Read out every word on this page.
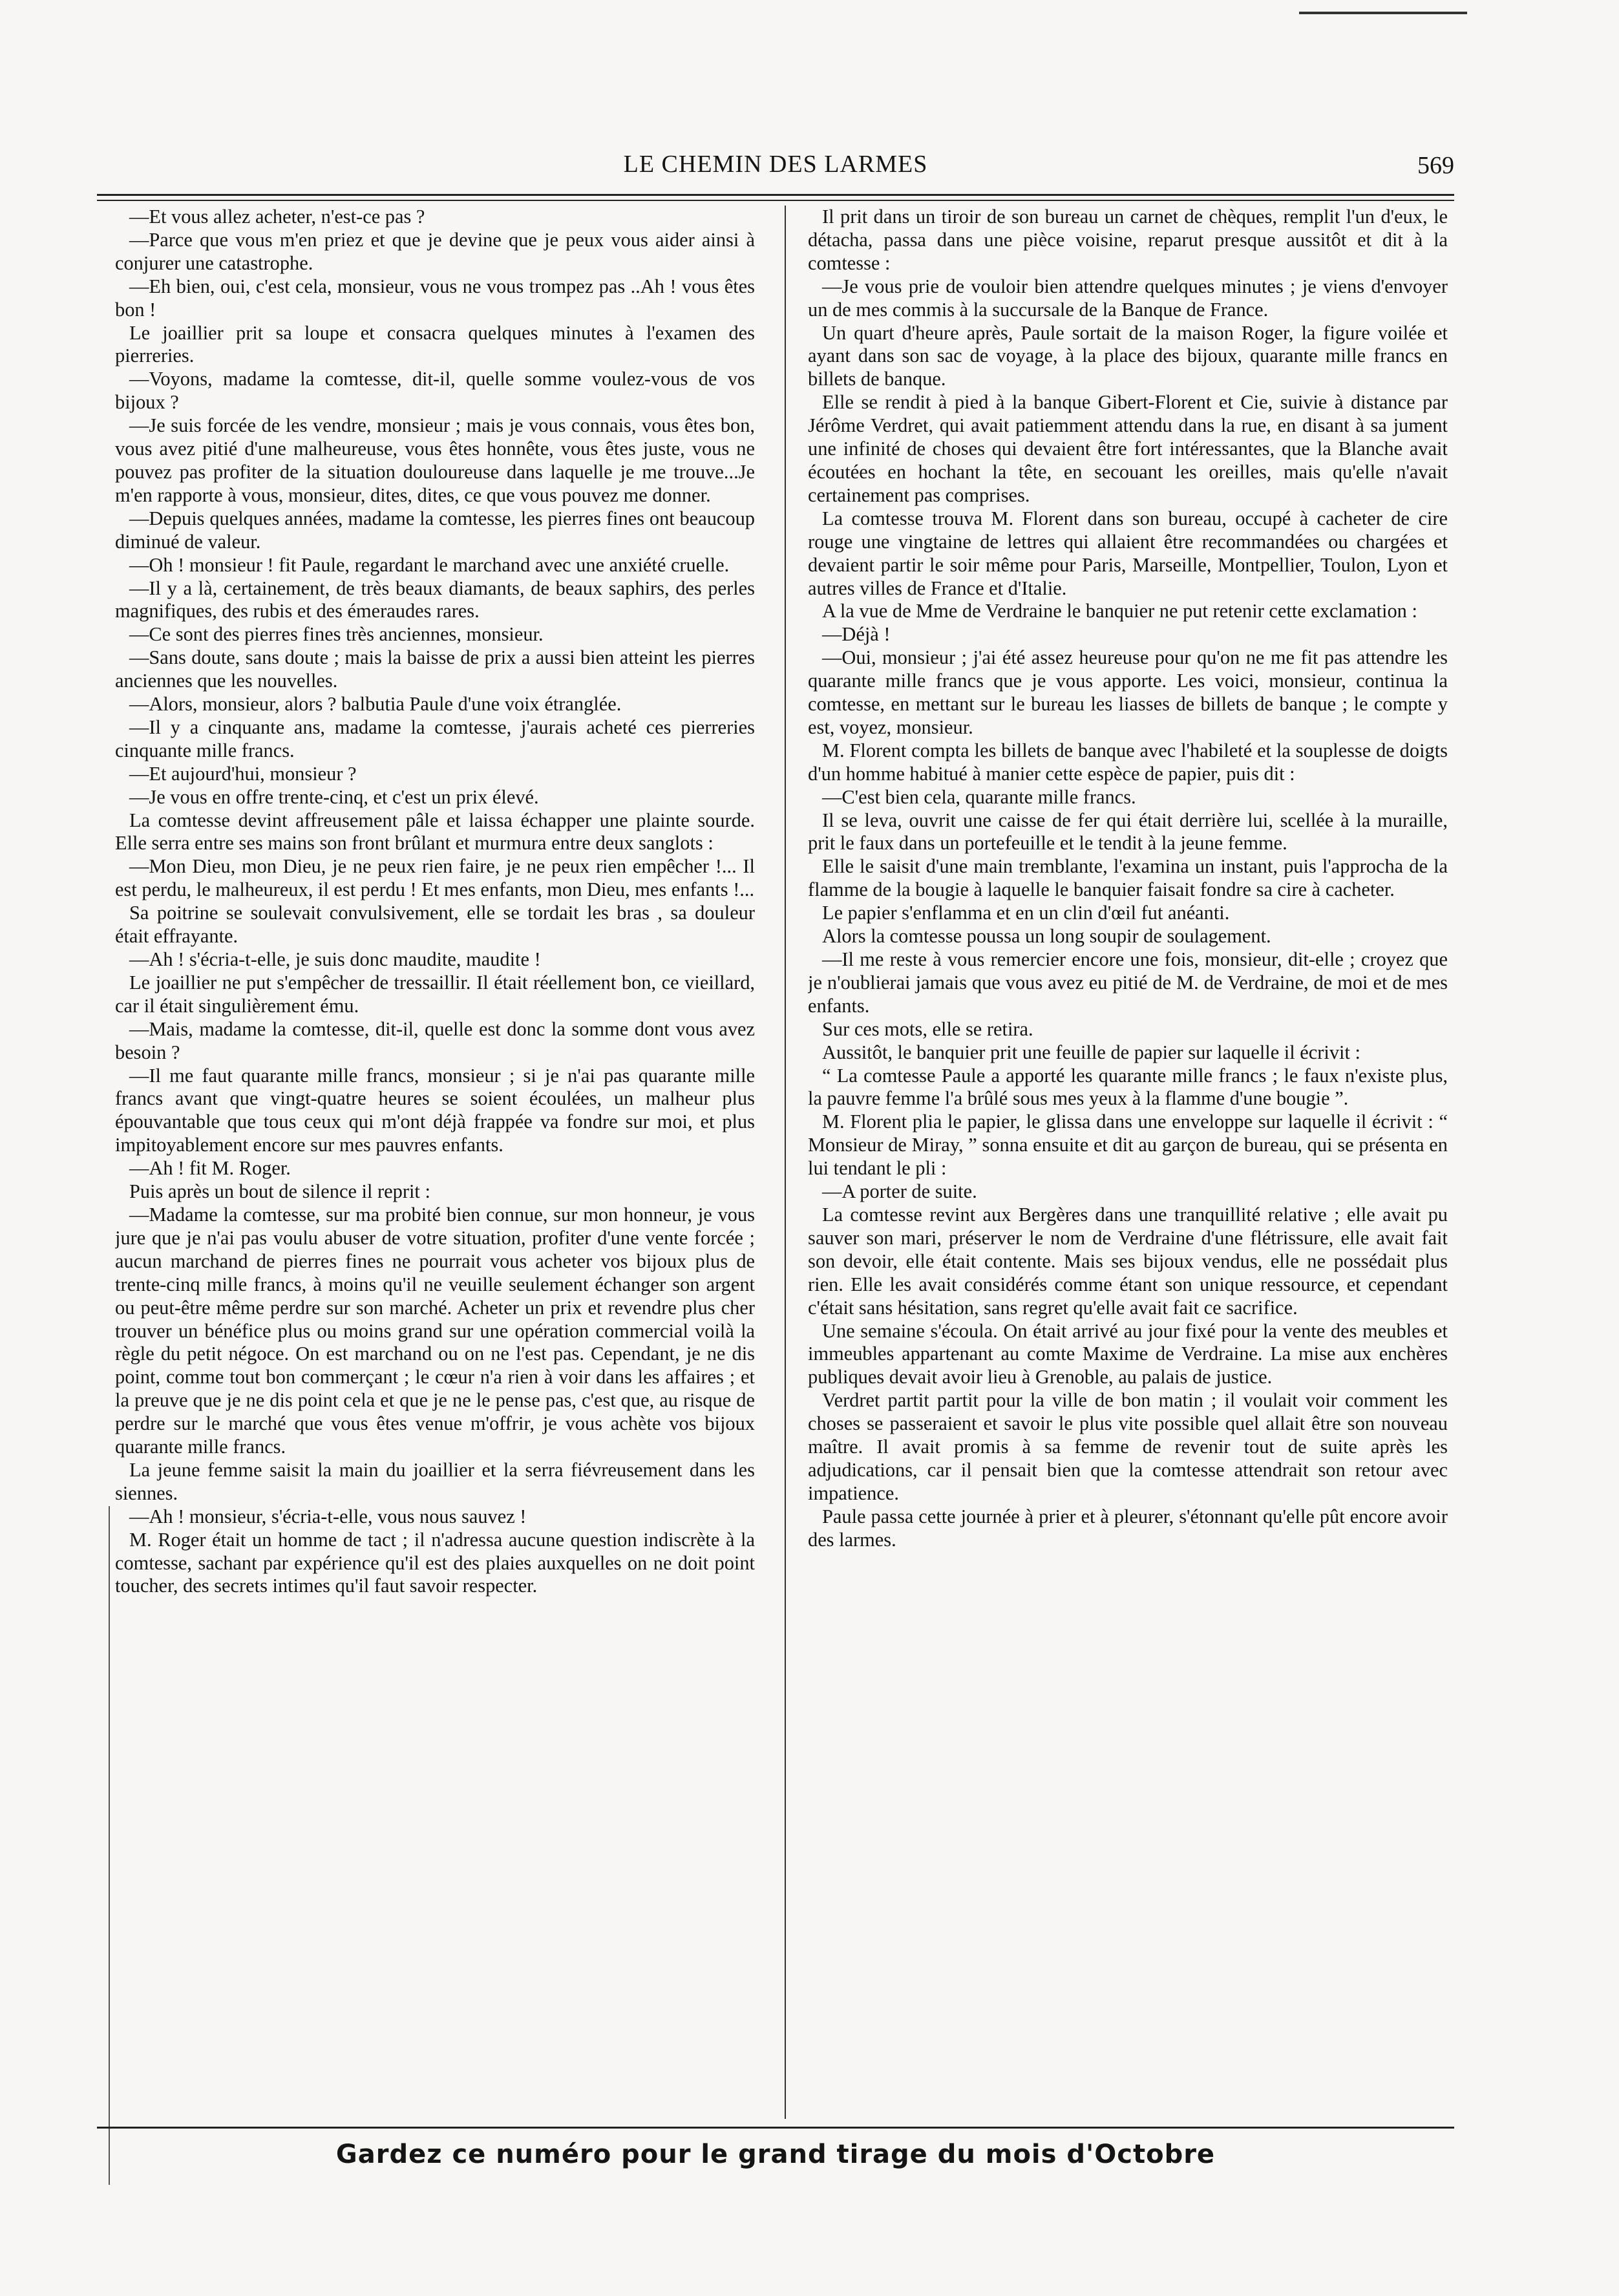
LE CHEMIN DES LARMES	569

—Et vous allez acheter, n'est-ce pas ?

—Parce que vous m'en priez et que je devine que je peux vous aider ainsi à conjurer une catastrophe.

—Eh bien, oui, c'est cela, monsieur, vous ne vous trompez pas ..Ah ! vous êtes bon !

Le joaillier prit sa loupe et consacra quelques minutes à l'examen des pierreries.

—Voyons, madame la comtesse, dit-il, quelle somme voulez-vous de vos bijoux ?

—Je suis forcée de les vendre, monsieur ; mais je vous connais, vous êtes bon, vous avez pitié d'une malheureuse, vous êtes honnête, vous êtes juste, vous ne pouvez pas profiter de la situation douloureuse dans laquelle je me trouve...Je m'en rapporte à vous, monsieur, dites, dites, ce que vous pouvez me donner.

—Depuis quelques années, madame la comtesse, les pierres fines ont beaucoup diminué de valeur.

—Oh ! monsieur ! fit Paule, regardant le marchand avec une anxiété cruelle.

—Il y a là, certainement, de très beaux diamants, de beaux saphirs, des perles magnifiques, des rubis et des émeraudes rares.

—Ce sont des pierres fines très anciennes, monsieur.

—Sans doute, sans doute ; mais la baisse de prix a aussi bien atteint les pierres anciennes que les nouvelles.

—Alors, monsieur, alors ? balbutia Paule d'une voix étranglée.

—Il y a cinquante ans, madame la comtesse, j'aurais acheté ces pierreries cinquante mille francs.

—Et aujourd'hui, monsieur ?

—Je vous en offre trente-cinq, et c'est un prix élevé.

La comtesse devint affreusement pâle et laissa échapper une plainte sourde. Elle serra entre ses mains son front brûlant et murmura entre deux sanglots :

—Mon Dieu, mon Dieu, je ne peux rien faire, je ne peux rien empêcher !... Il est perdu, le malheureux, il est perdu ! Et mes enfants, mon Dieu, mes enfants !...

Sa poitrine se soulevait convulsivement, elle se tordait les bras , sa douleur était effrayante.

—Ah ! s'écria-t-elle, je suis donc maudite, maudite !

Le joaillier ne put s'empêcher de tressaillir. Il était réellement bon, ce vieillard, car il était singulièrement ému.

—Mais, madame la comtesse, dit-il, quelle est donc la somme dont vous avez besoin ?

—Il me faut quarante mille francs, monsieur ; si je n'ai pas quarante mille francs avant que vingt-quatre heures se soient écoulées, un malheur plus épouvantable que tous ceux qui m'ont déjà frappée va fondre sur moi, et plus impitoyablement encore sur mes pauvres enfants.

—Ah ! fit M. Roger.

Puis après un bout de silence il reprit :

—Madame la comtesse, sur ma probité bien connue, sur mon honneur, je vous jure que je n'ai pas voulu abuser de votre situation, profiter d'une vente forcée ; aucun marchand de pierres fines ne pourrait vous acheter vos bijoux plus de trente-cinq mille francs, à moins qu'il ne veuille seulement échanger son argent ou peut-être même perdre sur son marché. Acheter un prix et revendre plus cher trouver un bénéfice plus ou moins grand sur une opération commercial voilà la règle du petit négoce. On est marchand ou on ne l'est pas. Cependant, je ne dis point, comme tout bon commerçant ; le cœur n'a rien à voir dans les affaires ; et la preuve que je ne dis point cela et que je ne le pense pas, c'est que, au risque de perdre sur le marché que vous êtes venue m'offrir, je vous achète vos bijoux quarante mille francs.

La jeune femme saisit la main du joaillier et la serra fiévreusement dans les siennes.

—Ah ! monsieur, s'écria-t-elle, vous nous sauvez !

M. Roger était un homme de tact ; il n'adressa aucune question indiscrète à la comtesse, sachant par expérience qu'il est des plaies auxquelles on ne doit point toucher, des secrets intimes qu'il faut savoir respecter.

Il prit dans un tiroir de son bureau un carnet de chèques, remplit l'un d'eux, le détacha, passa dans une pièce voisine, reparut presque aussitôt et dit à la comtesse :

—Je vous prie de vouloir bien attendre quelques minutes ; je viens d'envoyer un de mes commis à la succursale de la Banque de France.

Un quart d'heure après, Paule sortait de la maison Roger, la figure voilée et ayant dans son sac de voyage, à la place des bijoux, quarante mille francs en billets de banque.

Elle se rendit à pied à la banque Gibert-Florent et Cie, suivie à distance par Jérôme Verdret, qui avait patiemment attendu dans la rue, en disant à sa jument une infinité de choses qui devaient être fort intéressantes, que la Blanche avait écoutées en hochant la tête, en secouant les oreilles, mais qu'elle n'avait certainement pas comprises.

La comtesse trouva M. Florent dans son bureau, occupé à cacheter de cire rouge une vingtaine de lettres qui allaient être recommandées ou chargées et devaient partir le soir même pour Paris, Marseille, Montpellier, Toulon, Lyon et autres villes de France et d'Italie.

A la vue de Mme de Verdraine le banquier ne put retenir cette exclamation :

—Déjà !

—Oui, monsieur ; j'ai été assez heureuse pour qu'on ne me fit pas attendre les quarante mille francs que je vous apporte. Les voici, monsieur, continua la comtesse, en mettant sur le bureau les liasses de billets de banque ; le compte y est, voyez, monsieur.

M. Florent compta les billets de banque avec l'habileté et la souplesse de doigts d'un homme habitué à manier cette espèce de papier, puis dit :

—C'est bien cela, quarante mille francs.

Il se leva, ouvrit une caisse de fer qui était derrière lui, scellée à la muraille, prit le faux dans un portefeuille et le tendit à la jeune femme.

Elle le saisit d'une main tremblante, l'examina un instant, puis l'approcha de la flamme de la bougie à laquelle le banquier faisait fondre sa cire à cacheter.

Le papier s'enflamma et en un clin d'œil fut anéanti.

Alors la comtesse poussa un long soupir de soulagement.

—Il me reste à vous remercier encore une fois, monsieur, dit-elle ; croyez que je n'oublierai jamais que vous avez eu pitié de M. de Verdraine, de moi et de mes enfants.

Sur ces mots, elle se retira.

Aussitôt, le banquier prit une feuille de papier sur laquelle il écrivit :

“ La comtesse Paule a apporté les quarante mille francs ; le faux n'existe plus, la pauvre femme l'a brûlé sous mes yeux à la flamme d'une bougie ”.

M. Florent plia le papier, le glissa dans une enveloppe sur laquelle il écrivit : “ Monsieur de Miray, ” sonna ensuite et dit au garçon de bureau, qui se présenta en lui tendant le pli :

—A porter de suite.

La comtesse revint aux Bergères dans une tranquillité relative ; elle avait pu sauver son mari, préserver le nom de Verdraine d'une flétrissure, elle avait fait son devoir, elle était contente. Mais ses bijoux vendus, elle ne possédait plus rien. Elle les avait considérés comme étant son unique ressource, et cependant c'était sans hésitation, sans regret qu'elle avait fait ce sacrifice.

Une semaine s'écoula. On était arrivé au jour fixé pour la vente des meubles et immeubles appartenant au comte Maxime de Verdraine. La mise aux enchères publiques devait avoir lieu à Grenoble, au palais de justice.

Verdret partit partit pour la ville de bon matin ; il voulait voir comment les choses se passeraient et savoir le plus vite possible quel allait être son nouveau maître. Il avait promis à sa femme de revenir tout de suite après les adjudications, car il pensait bien que la comtesse attendrait son retour avec impatience.

Paule passa cette journée à prier et à pleurer, s'étonnant qu'elle pût encore avoir des larmes.

Gardez ce numéro pour le grand tirage du mois d'Octobre
